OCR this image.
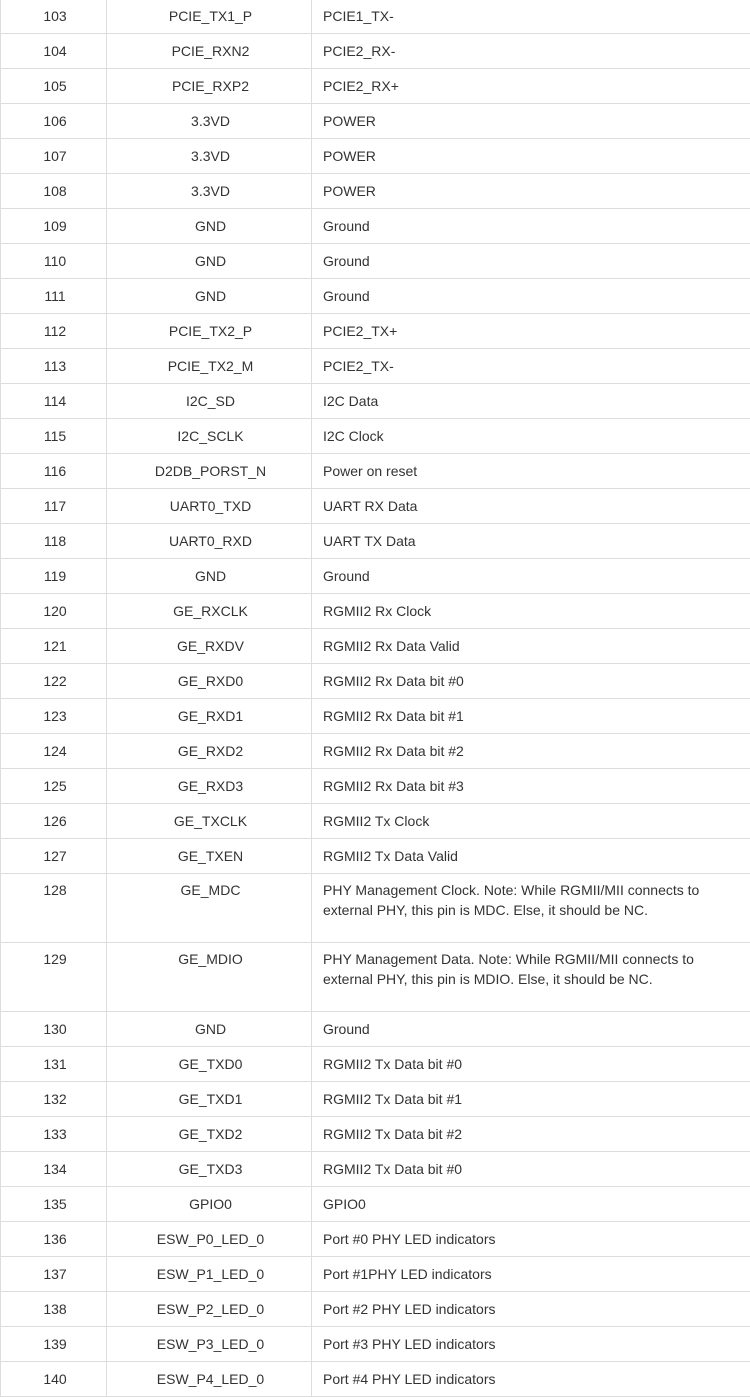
103	PCIE_TX1_P	PCIE1_TX-
104	PCIE_RXN2	PCIE2_RX-
105	PCIE_RXP2	PCIE2_RX+
106	3.3VD	POWER
107	3.3VD	POWER
108	3.3VD	POWER
109	GND	Ground
110	GND	Ground
111	GND	Ground
112	PCIE_TX2_P	PCIE2_TX+
113	PCIE_TX2_M	PCIE2_TX-
114	I2C_SD	I2C Data
115	I2C_SCLK	I2C Clock
116	D2DB_PORST_N	Power on reset
117	UART0_TXD	UART RX Data
118	UART0_RXD	UART TX Data
119	GND	Ground
120	GE_RXCLK	RGMII2 Rx Clock
121	GE_RXDV	RGMII2 Rx Data Valid
122	GE_RXD0	RGMII2 Rx Data bit #0
123	GE_RXD1	RGMII2 Rx Data bit #1
124	GE_RXD2	RGMII2 Rx Data bit #2
125	GE_RXD3	RGMII2 Rx Data bit #3
126	GE_TXCLK	RGMII2 Tx Clock
127	GE_TXEN	RGMII2 Tx Data Valid
128	GE_MDC	PHY Management Clock. Note: While RGMII/MII connects to external PHY, this pin is MDC. Else, it should be NC.
129	GE_MDIO	PHY Management Data. Note: While RGMII/MII connects to external PHY, this pin is MDIO. Else, it should be NC.
130	GND	Ground
131	GE_TXD0	RGMII2 Tx Data bit #0
132	GE_TXD1	RGMII2 Tx Data bit #1
133	GE_TXD2	RGMII2 Tx Data bit #2
134	GE_TXD3	RGMII2 Tx Data bit #0
135	GPIO0	GPIO0
136	ESW_P0_LED_0	Port #0 PHY LED indicators
137	ESW_P1_LED_0	Port #1PHY LED indicators
138	ESW_P2_LED_0	Port #2 PHY LED indicators
139	ESW_P3_LED_0	Port #3 PHY LED indicators
140	ESW_P4_LED_0	Port #4 PHY LED indicators
